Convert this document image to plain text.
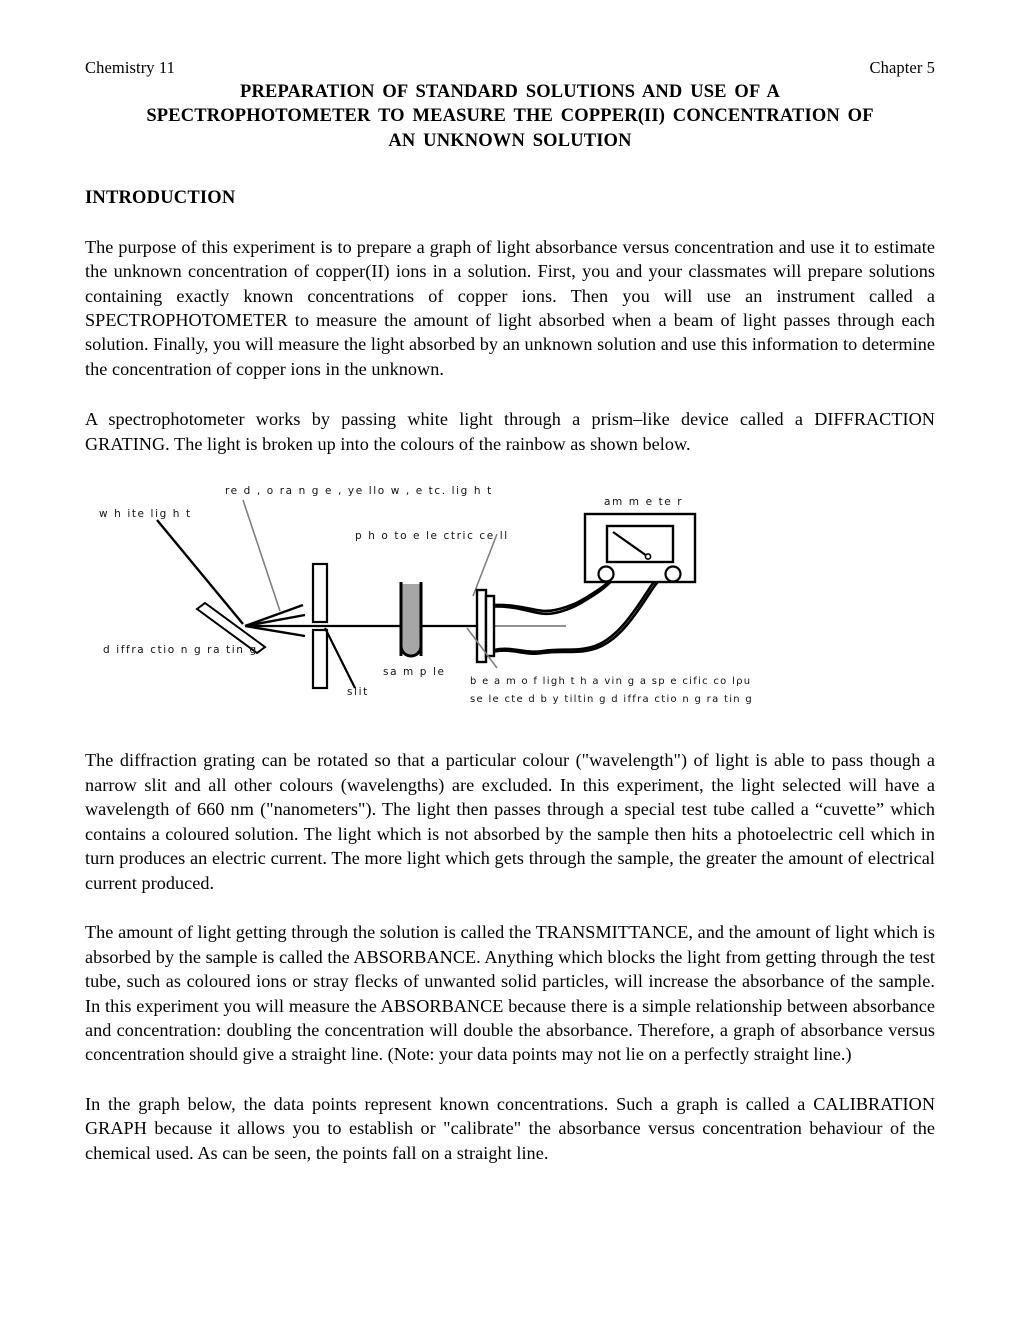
Chemistry 11	Chapter 5
PREPARATION OF STANDARD SOLUTIONS AND USE OF A
SPECTROPHOTOMETER TO MEASURE THE COPPER(II) CONCENTRATION OF
AN UNKNOWN SOLUTION
INTRODUCTION

The purpose of this experiment is to prepare a graph of light absorbance versus concentration and use it to estimate the unknown concentration of copper(II) ions in a solution. First, you and your classmates will prepare solutions containing exactly known concentrations of copper ions. Then you will use an instrument called a SPECTROPHOTOMETER to measure the amount of light absorbed when a beam of light passes through each solution. Finally, you will measure the light absorbed by an unknown solution and use this information to determine the concentration of copper ions in the unknown.

A spectrophotometer works by passing white light through a prism–like device called a DIFFRACTION GRATING. The light is broken up into the colours of the rainbow as shown below.

w h ite lig h t
re d , o ra n g e , ye llo w , e tc. lig h t
d iffra ctio n g ra tin g
slit
p h o to e le ctric ce ll
sa m p le
am m e te r
b e a m o f ligh t h a vin g a sp e cific co lρu
se le cte d b y tiltin g d iffra ctio n g ra tin g

The diffraction grating can be rotated so that a particular colour ("wavelength") of light is able to pass though a narrow slit and all other colours (wavelengths) are excluded. In this experiment, the light selected will have a wavelength of 660 nm ("nanometers"). The light then passes through a special test tube called a “cuvette” which contains a coloured solution. The light which is not absorbed by the sample then hits a photoelectric cell which in turn produces an electric current. The more light which gets through the sample, the greater the amount of electrical current produced.

The amount of light getting through the solution is called the TRANSMITTANCE, and the amount of light which is absorbed by the sample is called the ABSORBANCE. Anything which blocks the light from getting through the test tube, such as coloured ions or stray flecks of unwanted solid particles, will increase the absorbance of the sample. In this experiment you will measure the ABSORBANCE because there is a simple relationship between absorbance and concentration: doubling the concentration will double the absorbance. Therefore, a graph of absorbance versus concentration should give a straight line. (Note: your data points may not lie on a perfectly straight line.)

In the graph below, the data points represent known concentrations. Such a graph is called a CALIBRATION GRAPH because it allows you to establish or "calibrate" the absorbance versus concentration behaviour of the chemical used. As can be seen, the points fall on a straight line.
